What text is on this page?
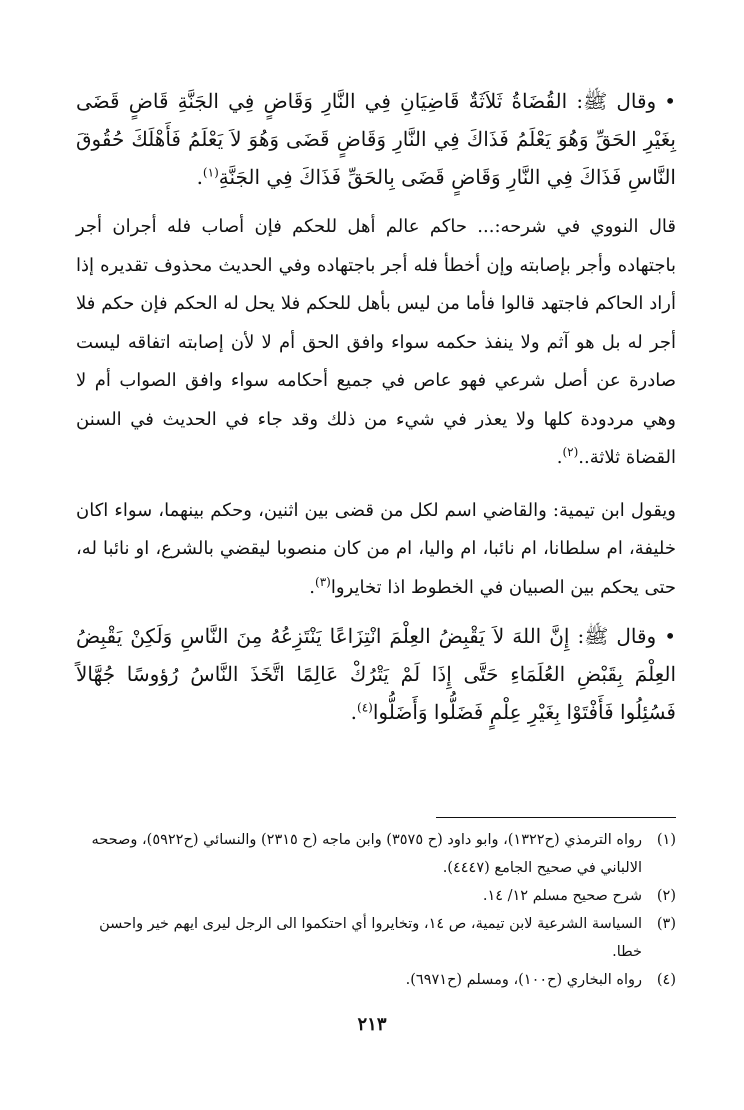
•وقال ﷺ: القُضَاةُ ثَلاَثَةٌ قَاضِيَانِ فِي النَّارِ وَقَاضٍ فِي الجَنَّةِ قَاضٍ قَضَى بِغَيْرِ الحَقِّ وَهُوَ يَعْلَمُ فَذَاكَ فِي النَّارِ وَقَاضٍ قَضَى وَهُوَ لاَ يَعْلَمُ فَأَهْلَكَ حُقُوقَ النَّاسِ فَذَاكَ فِي النَّارِ وَقَاضٍ قَضَى بِالحَقِّ فَذَاكَ فِي الجَنَّةِ$^{(١)}$.

قال النووي في شرحه:... حاكم عالم أهل للحكم فإن أصاب فله أجران أجر باجتهاده وأجر بإصابته وإن أخطأ فله أجر باجتهاده وفي الحديث محذوف تقديره إذا أراد الحاكم فاجتهد قالوا فأما من ليس بأهل للحكم فلا يحل له الحكم فإن حكم فلا أجر له بل هو آثم ولا ينفذ حكمه سواء وافق الحق أم لا لأن إصابته اتفاقه ليست صادرة عن أصل شرعي فهو عاص في جميع أحكامه سواء وافق الصواب أم لا وهي مردودة كلها ولا يعذر في شيء من ذلك وقد جاء في الحديث في السنن القضاة ثلاثة..$^{(٢)}$.

ويقول ابن تيمية: والقاضي اسم لكل من قضى بين اثنين، وحكم بينهما، سواء اكان خليفة، ام سلطانا، ام نائبا، ام واليا، ام من كان منصوبا ليقضي بالشرع، او نائبا له، حتى يحكم بين الصبيان في الخطوط اذا تخايروا$^{(٣)}$.

•وقال ﷺ: إِنَّ اللهَ لاَ يَقْبِضُ العِلْمَ انْتِزَاعًا يَنْتَزِعُهُ مِنَ النَّاسِ وَلَكِنْ يَقْبِضُ العِلْمَ بِقَبْضِ العُلَمَاءِ حَتَّى إِذَا لَمْ يَتْرُكْ عَالِمًا اتَّخَذَ النَّاسُ رُؤوسًا جُهَّالاً فَسُئِلُوا فَأَفْتَوْا بِغَيْرِ عِلْمٍ فَضَلُّوا وَأَضَلُّوا$^{(٤)}$.

(١)
رواه الترمذي (ح١٣٢٢)، وابو داود (ح ٣٥٧٥) وابن ماجه (ح ٢٣١٥) والنسائي (ح٥٩٢٢)، وصححه الالباني في صحيح الجامع (٤٤٤٧).
(٢)
شرح صحيح مسلم ١٢/ ١٤.
(٣)
السياسة الشرعية لابن تيمية، ص ١٤، وتخايروا أي احتكموا الى الرجل ليرى ايهم خير واحسن خطا.
(٤)
رواه البخاري (ح١٠٠)، ومسلم (ح٦٩٧١).
٢١٣
